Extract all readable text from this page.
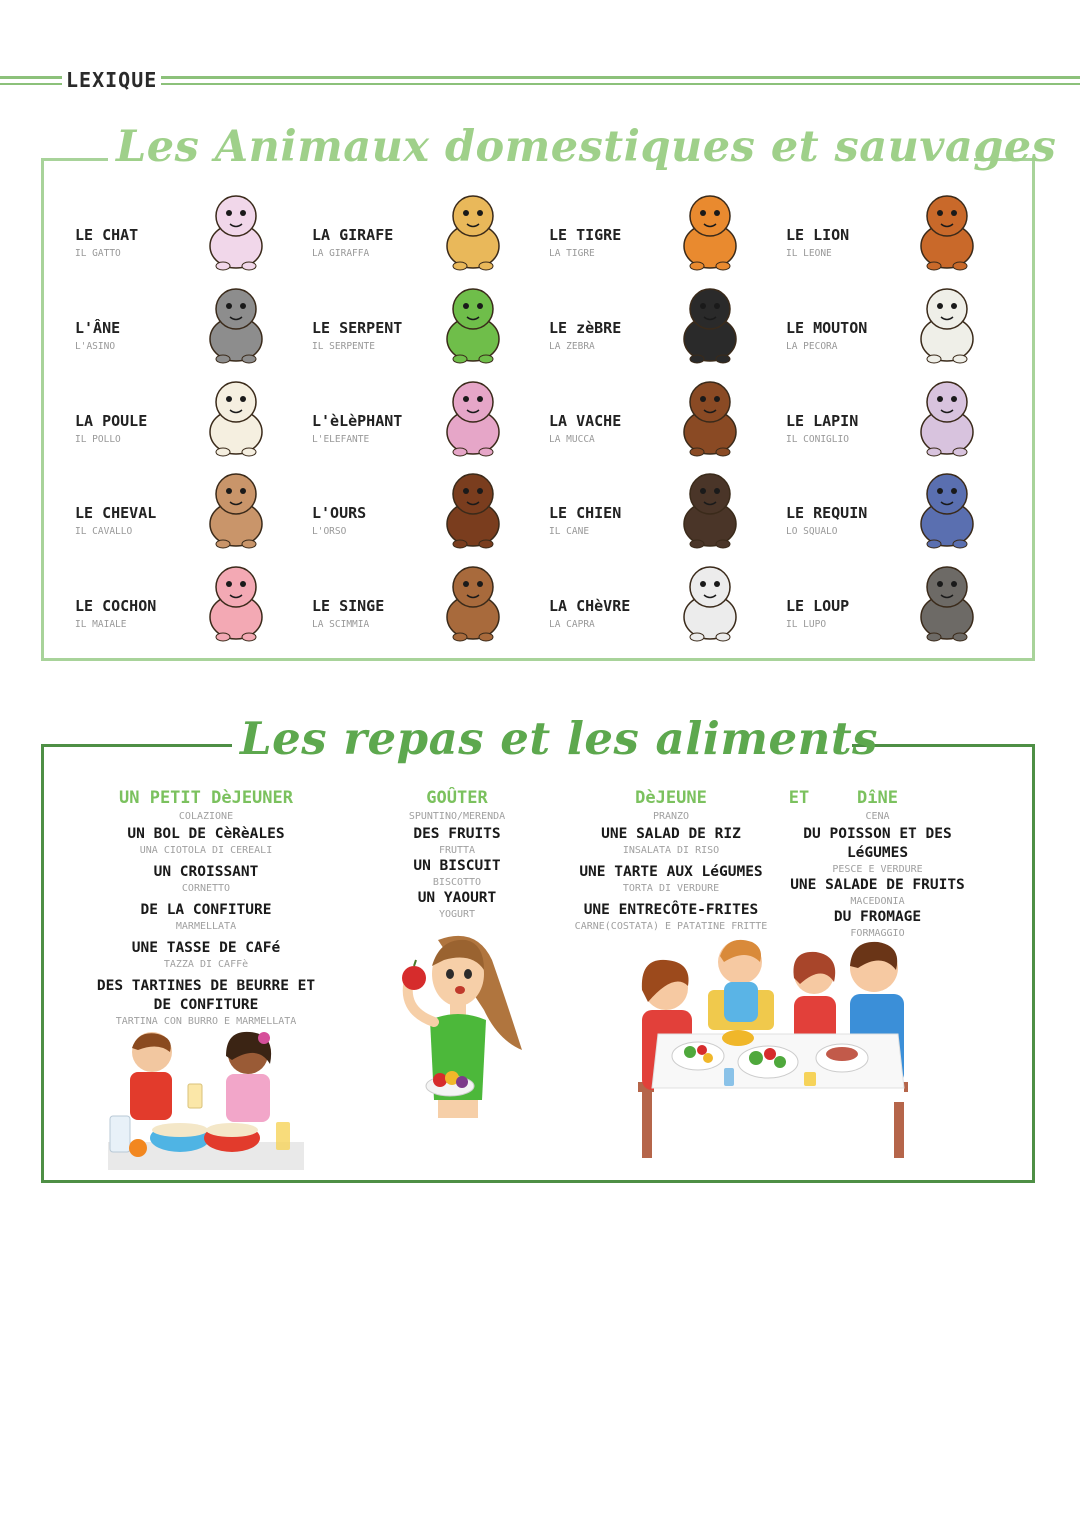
LEXIQUE
Les Animaux domestiques et sauvages
LE CHAT
IL GATTO
LA GIRAFE
LA GIRAFFA
LE TIGRE
LA TIGRE
LE LION
IL LEONE
L'ÂNE
L'ASINO
LE SERPENT
IL SERPENTE
LE zèBRE
LA ZEBRA
LE MOUTON
LA PECORA
LA POULE
IL POLLO
L'èLèPHANT
L'ELEFANTE
LA VACHE
LA MUCCA
LE LAPIN
IL CONIGLIO
LE CHEVAL
IL CAVALLO
L'OURS
L'ORSO
LE CHIEN
IL CANE
LE REQUIN
LO SQUALO
LE COCHON
IL MAIALE
LE SINGE
LA SCIMMIA
LA CHèVRE
LA CAPRA
LE LOUP
IL LUPO
Les repas et les aliments
UN PETIT DèJEUNER
COLAZIONE
UN BOL DE CèRèALES
UNA CIOTOLA DI CEREALI
UN CROISSANT
CORNETTO
DE LA CONFITURE
MARMELLATA
UNE TASSE DE CAFé
TAZZA DI CAFFè
DES TARTINES DE BEURRE ET
DE CONFITURE
TARTINA CON BURRO E MARMELLATA
GOÛTER
SPUNTINO/MERENDA
DES FRUITS
FRUTTA
UN BISCUIT
BISCOTTO
UN YAOURT
YOGURT
DèJEUNE
PRANZO
UNE SALAD DE RIZ
INSALATA DI RISO
UNE TARTE AUX LéGUMES
TORTA DI VERDURE
UNE ENTRECÔTE-FRITES
CARNE(COSTATA) E PATATINE FRITTE
ET	DîNE
CENA
DU POISSON ET DES
LéGUMES
PESCE E VERDURE
UNE SALADE DE FRUITS
MACEDONIA
DU FROMAGE
FORMAGGIO
